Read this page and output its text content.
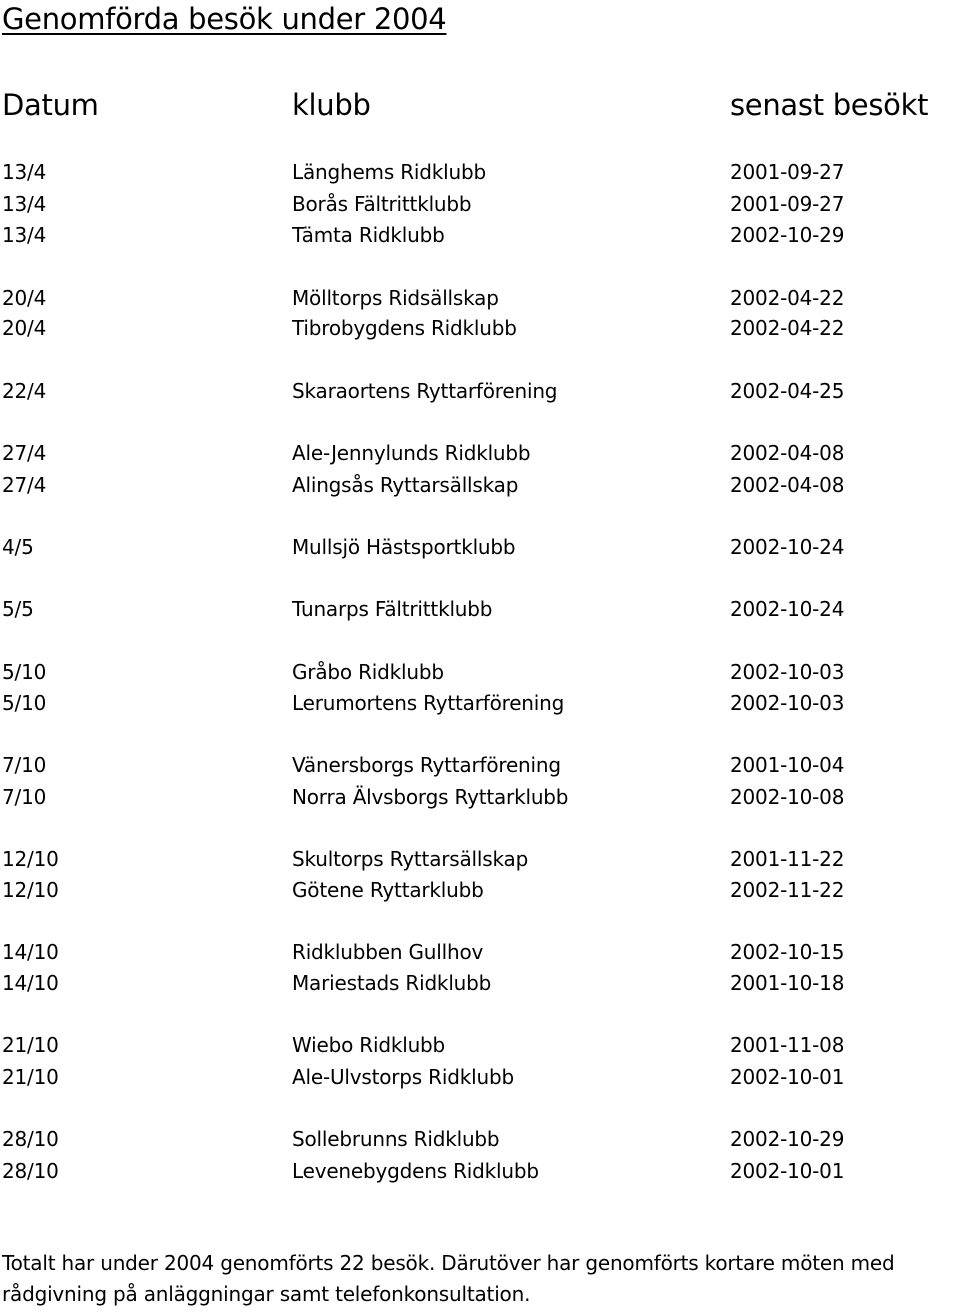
Genomförda besök under 2004
Datum	klubb	senast besökt
13/4	Länghems Ridklubb	2001-09-27
13/4	Borås Fältrittklubb	2001-09-27
13/4	Tämta Ridklubb	2002-10-29
20/4	Mölltorps Ridsällskap	2002-04-22
20/4	Tibrobygdens Ridklubb	2002-04-22
22/4	Skaraortens Ryttarförening	2002-04-25
27/4	Ale-Jennylunds Ridklubb	2002-04-08
27/4	Alingsås Ryttarsällskap	2002-04-08
4/5	Mullsjö Hästsportklubb	2002-10-24
5/5	Tunarps Fältrittklubb	2002-10-24
5/10	Gråbo Ridklubb	2002-10-03
5/10	Lerumortens Ryttarförening	2002-10-03
7/10	Vänersborgs Ryttarförening	2001-10-04
7/10	Norra Älvsborgs Ryttarklubb	2002-10-08
12/10	Skultorps Ryttarsällskap	2001-11-22
12/10	Götene Ryttarklubb	2002-11-22
14/10	Ridklubben Gullhov	2002-10-15
14/10	Mariestads Ridklubb	2001-10-18
21/10	Wiebo Ridklubb	2001-11-08
21/10	Ale-Ulvstorps Ridklubb	2002-10-01
28/10	Sollebrunns Ridklubb	2002-10-29
28/10	Levenebygdens Ridklubb	2002-10-01
Totalt har under 2004 genomförts 22 besök. Därutöver har genomförts kortare möten med
rådgivning på anläggningar samt telefonkonsultation.
